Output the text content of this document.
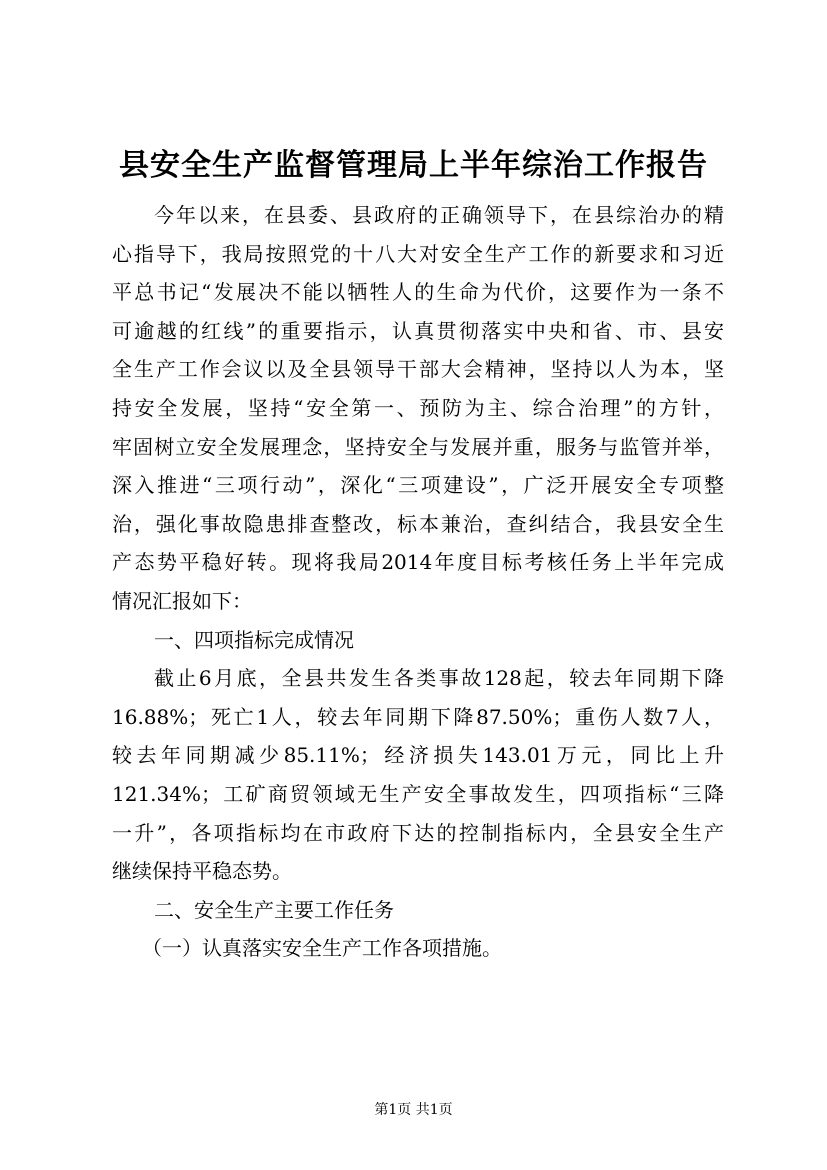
县安全生产监督管理局上半年综治工作报告
今年以来，在县委、县政府的正确领导下，在县综治办的精
心指导下，我局按照党的十八大对安全生产工作的新要求和习近
平总书记“发展决不能以牺牲人的生命为代价，这要作为一条不
可逾越的红线”的重要指示，认真贯彻落实中央和省、市、县安
全生产工作会议以及全县领导干部大会精神，坚持以人为本，坚
持安全发展，坚持“安全第一、预防为主、综合治理”的方针，
牢固树立安全发展理念，坚持安全与发展并重，服务与监管并举，
深入推进“三项行动”，深化“三项建设”，广泛开展安全专项整
治，强化事故隐患排查整改，标本兼治，查纠结合，我县安全生
产态势平稳好转。现将我局2014年度目标考核任务上半年完成
情况汇报如下：
一、四项指标完成情况
截止6月底，全县共发生各类事故128起，较去年同期下降
16.88%；死亡1人，较去年同期下降87.50%；重伤人数7人，
较去年同期减少85.11%；经济损失143.01万元，同比上升
121.34%；工矿商贸领域无生产安全事故发生，四项指标“三降
一升”，各项指标均在市政府下达的控制指标内，全县安全生产
继续保持平稳态势。
二、安全生产主要工作任务
（一）认真落实安全生产工作各项措施。
第1页 共1页
